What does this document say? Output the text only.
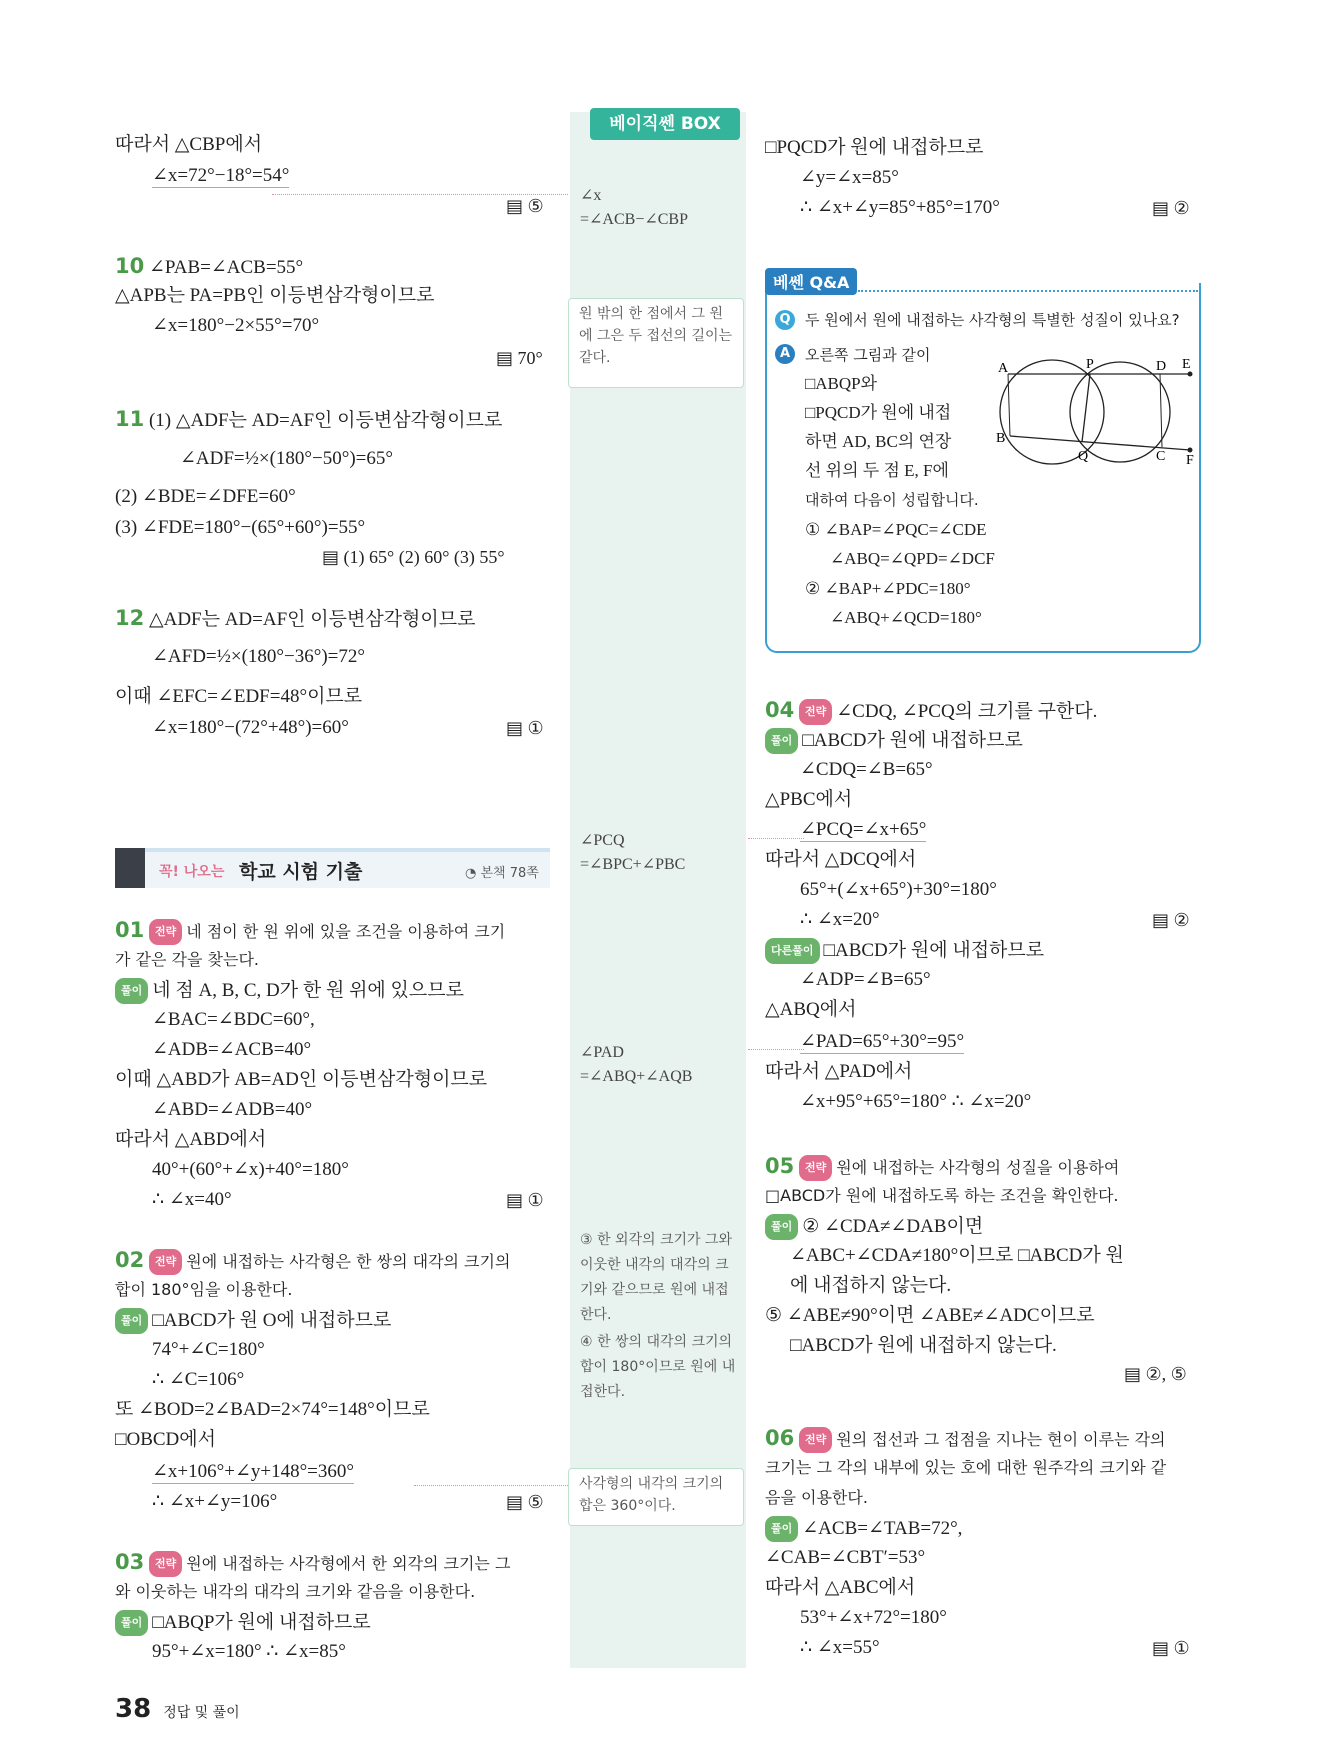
베이직쎈 BOX
∠x
=∠ACB−∠CBP
원 밖의 한 점에서 그 원에 그은 두 접선의 길이는 같다.
∠PCQ
=∠BPC+∠PBC
∠PAD
=∠ABQ+∠AQB
③ 한 외각의 크기가 그와 이웃한 내각의 대각의 크기와 같으므로 원에 내접한다.
④ 한 쌍의 대각의 크기의 합이 180°이므로 원에 내접한다.
사각형의 내각의 크기의 합은 360°이다.
따라서 △CBP에서
∠x=72°−18°=54°
▤ ⑤
10 ∠PAB=∠ACB=55°
△APB는 PA=PB인 이등변삼각형이므로
∠x=180°−2×55°=70°
▤ 70°
11 (1) △ADF는 AD=AF인 이등변삼각형이므로
∠ADF=½×(180°−50°)=65°
(2) ∠BDE=∠DFE=60°
(3) ∠FDE=180°−(65°+60°)=55°
▤ (1) 65° (2) 60° (3) 55°
12 △ADF는 AD=AF인 이등변삼각형이므로
∠AFD=½×(180°−36°)=72°
이때 ∠EFC=∠EDF=48°이므로
∠x=180°−(72°+48°)=60°	▤ ①
꼭! 나오는 학교 시험 기출	◔ 본책 78쪽
01 전략 네 점이 한 원 위에 있을 조건을 이용하여 크기
가 같은 각을 찾는다.
풀이 네 점 A, B, C, D가 한 원 위에 있으므로
∠BAC=∠BDC=60°,
∠ADB=∠ACB=40°
이때 △ABD가 AB=AD인 이등변삼각형이므로
∠ABD=∠ADB=40°
따라서 △ABD에서
40°+(60°+∠x)+40°=180°
∴ ∠x=40°	▤ ①
02 전략 원에 내접하는 사각형은 한 쌍의 대각의 크기의
합이 180°임을 이용한다.
풀이 □ABCD가 원 O에 내접하므로
74°+∠C=180°
∴ ∠C=106°
또 ∠BOD=2∠BAD=2×74°=148°이므로
□OBCD에서
∠x+106°+∠y+148°=360°
∴ ∠x+∠y=106°	▤ ⑤
03 전략 원에 내접하는 사각형에서 한 외각의 크기는 그
와 이웃하는 내각의 대각의 크기와 같음을 이용한다.
풀이 □ABQP가 원에 내접하므로
95°+∠x=180° ∴ ∠x=85°
38 정답 및 풀이
□PQCD가 원에 내접하므로
∠y=∠x=85°
∴ ∠x+∠y=85°+85°=170°	▤ ②
베쎈 Q&A
Q 두 원에서 원에 내접하는 사각형의 특별한 성질이 있나요?
A 오른쪽 그림과 같이
□ABQP와
□PQCD가 원에 내접
하면 AD, BC의 연장
선 위의 두 점 E, F에
대하여 다음이 성립합니다.
① ∠BAP=∠PQC=∠CDE
∠ABQ=∠QPD=∠DCF
② ∠BAP+∠PDC=180°
∠ABQ+∠QCD=180°
A	P	D E
B
Q	C F
04 전략 ∠CDQ, ∠PCQ의 크기를 구한다.
풀이 □ABCD가 원에 내접하므로
∠CDQ=∠B=65°
△PBC에서
∠PCQ=∠x+65°
따라서 △DCQ에서
65°+(∠x+65°)+30°=180°
∴ ∠x=20°	▤ ②
다른풀이 □ABCD가 원에 내접하므로
∠ADP=∠B=65°
△ABQ에서
∠PAD=65°+30°=95°
따라서 △PAD에서
∠x+95°+65°=180° ∴ ∠x=20°
05 전략 원에 내접하는 사각형의 성질을 이용하여
□ABCD가 원에 내접하도록 하는 조건을 확인한다.
풀이 ② ∠CDA≠∠DAB이면
∠ABC+∠CDA≠180°이므로 □ABCD가 원
에 내접하지 않는다.
⑤ ∠ABE≠90°이면 ∠ABE≠∠ADC이므로
□ABCD가 원에 내접하지 않는다.
▤ ②, ⑤
06 전략 원의 접선과 그 접점을 지나는 현이 이루는 각의
크기는 그 각의 내부에 있는 호에 대한 원주각의 크기와 같
음을 이용한다.
풀이 ∠ACB=∠TAB=72°,
∠CAB=∠CBT′=53°
따라서 △ABC에서
53°+∠x+72°=180°
∴ ∠x=55°	▤ ①
